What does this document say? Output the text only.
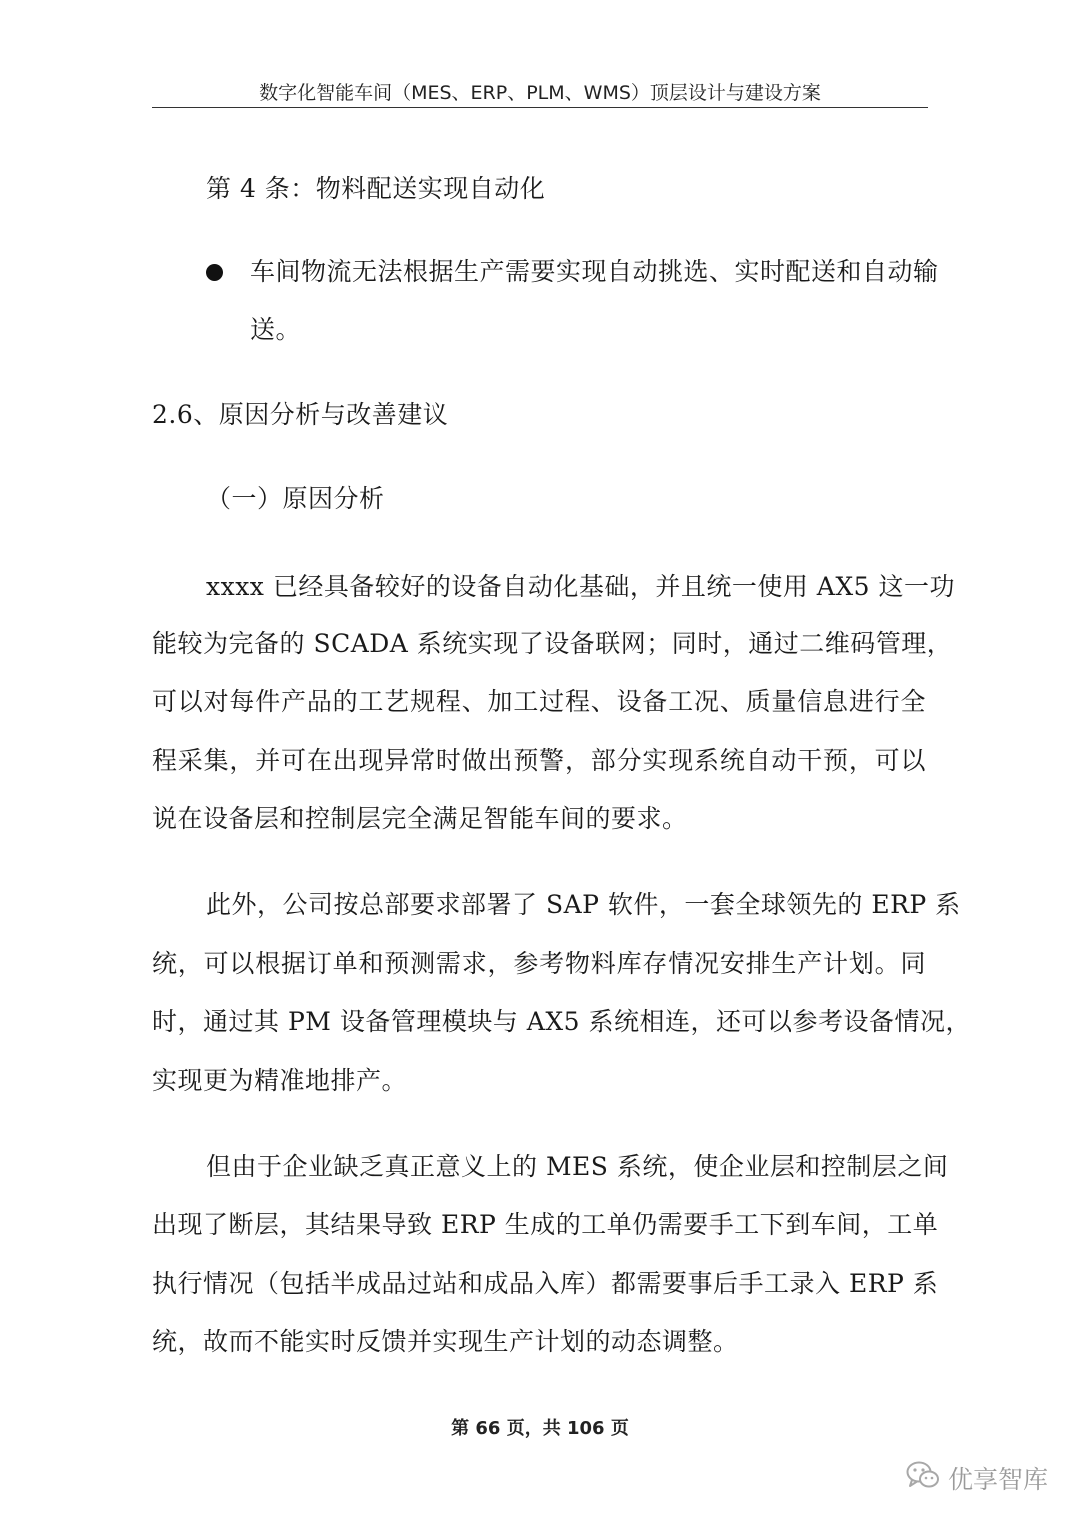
数字化智能车间（MES、ERP、PLM、WMS）顶层设计与建设方案
第 4 条：物料配送实现自动化
车间物流无法根据生产需要实现自动挑选、实时配送和自动输
送。
2.6、原因分析与改善建议
（一）原因分析
xxxx 已经具备较好的设备自动化基础，并且统一使用 AX5 这一功
能较为完备的 SCADA 系统实现了设备联网；同时，通过二维码管理，
可以对每件产品的工艺规程、加工过程、设备工况、质量信息进行全
程采集，并可在出现异常时做出预警，部分实现系统自动干预，可以
说在设备层和控制层完全满足智能车间的要求。
此外，公司按总部要求部署了 SAP 软件，一套全球领先的 ERP 系
统，可以根据订单和预测需求，参考物料库存情况安排生产计划。同
时，通过其 PM 设备管理模块与 AX5 系统相连，还可以参考设备情况，
实现更为精准地排产。
但由于企业缺乏真正意义上的 MES 系统，使企业层和控制层之间
出现了断层，其结果导致 ERP 生成的工单仍需要手工下到车间，工单
执行情况（包括半成品过站和成品入库）都需要事后手工录入 ERP 系
统，故而不能实时反馈并实现生产计划的动态调整。
第 66 页，共 106 页
优享智库
